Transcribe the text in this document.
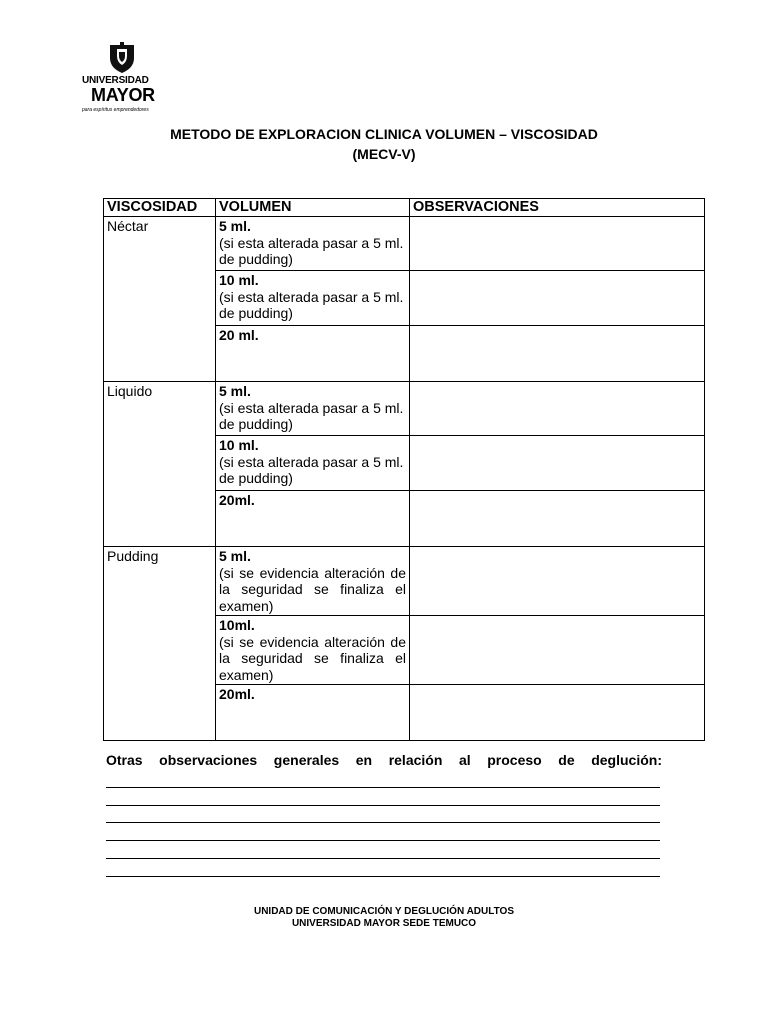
UNIVERSIDAD
MAYOR
para espíritus emprendedores
METODO DE EXPLORACION CLINICA VOLUMEN – VISCOSIDAD
(MECV-V)
VISCOSIDAD	VOLUMEN	OBSERVACIONES
Néctar	5 ml.
(si esta alterada pasar a 5 ml. de pudding)	

	10 ml.
(si esta alterada pasar a 5 ml. de pudding)	

	20 ml.	

Liquido	5 ml.
(si esta alterada pasar a 5 ml. de pudding)	

	10 ml.
(si esta alterada pasar a 5 ml. de pudding)	

	20ml.	

Pudding	5 ml.
(si se evidencia alteración de la seguridad se finaliza el examen)	

	10ml.
(si se evidencia alteración de la seguridad se finaliza el examen)	

	20ml.	

Otras observaciones generales en relación al proceso de deglución:
UNIDAD DE COMUNICACIÓN Y DEGLUCIÓN ADULTOS
UNIVERSIDAD MAYOR SEDE TEMUCO
